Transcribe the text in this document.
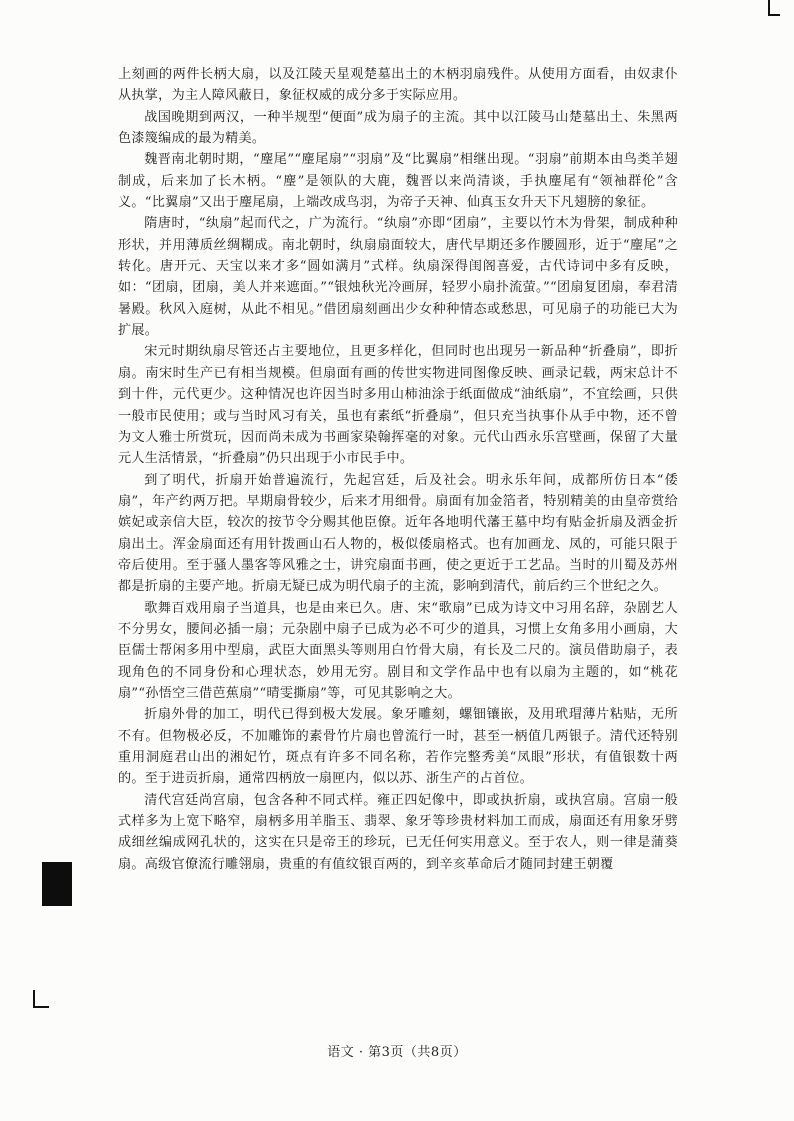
上刻画的两件长柄大扇，以及江陵天星观楚墓出土的木柄羽扇残件。从使用方面看，由奴隶仆从执掌，为主人障风蔽日，象征权威的成分多于实际应用。

战国晚期到两汉，一种半规型“便面”成为扇子的主流。其中以江陵马山楚墓出土、朱黑两色漆篾编成的最为精美。

魏晋南北朝时期，“麈尾”“麈尾扇”“羽扇”及“比翼扇”相继出现。“羽扇”前期本由鸟类羊翅制成，后来加了长木柄。“麈”是领队的大鹿，魏晋以来尚清谈，手执麈尾有“领袖群伦”含义。“比翼扇”又出于麈尾扇，上端改成鸟羽，为帝子天神、仙真玉女升天下凡翅膀的象征。

隋唐时，“纨扇”起而代之，广为流行。“纨扇”亦即“团扇”，主要以竹木为骨架，制成种种形状，并用薄质丝绸糊成。南北朝时，纨扇扇面较大，唐代早期还多作腰圆形，近于“麈尾”之转化。唐开元、天宝以来才多“圆如满月”式样。纨扇深得闺阁喜爱，古代诗词中多有反映，如：“团扇，团扇，美人并来遮面。”“银烛秋光冷画屏，轻罗小扇扑流萤。”“团扇复团扇，奉君清暑殿。秋风入庭树，从此不相见。”借团扇刻画出少女种种情态或愁思，可见扇子的功能已大为扩展。

宋元时期纨扇尽管还占主要地位，且更多样化，但同时也出现另一新品种“折叠扇”，即折扇。南宋时生产已有相当规模。但扇面有画的传世实物进同图像反映、画录记载，两宋总计不到十件，元代更少。这种情况也许因当时多用山柿油涂于纸面做成“油纸扇”，不宜绘画，只供一般市民使用；或与当时风习有关，虽也有素纸“折叠扇”，但只充当执事仆从手中物，还不曾为文人雅士所赏玩，因而尚未成为书画家染翰挥毫的对象。元代山西永乐宫壁画，保留了大量元人生活情景，“折叠扇”仍只出现于小市民手中。

到了明代，折扇开始普遍流行，先起宫廷，后及社会。明永乐年间，成都所仿日本“倭扇”，年产约两万把。早期扇骨较少，后来才用细骨。扇面有加金箔者，特别精美的由皇帝赏给嫔妃或亲信大臣，较次的按节令分赐其他臣僚。近年各地明代藩王墓中均有贴金折扇及洒金折扇出土。浑金扇面还有用针拨画山石人物的，极似倭扇格式。也有加画龙、凤的，可能只限于帝后使用。至于骚人墨客等风雅之士，讲究扇面书画，使之更近于工艺品。当时的川蜀及苏州都是折扇的主要产地。折扇无疑已成为明代扇子的主流，影响到清代，前后约三个世纪之久。

歌舞百戏用扇子当道具，也是由来已久。唐、宋“歌扇”已成为诗文中习用名辞，杂剧艺人不分男女，腰间必插一扇；元杂剧中扇子已成为必不可少的道具，习惯上女角多用小画扇，大臣儒士帮闲多用中型扇，武臣大面黑头等则用白竹骨大扇，有长及二尺的。演员借助扇子，表现角色的不同身份和心理状态，妙用无穷。剧目和文学作品中也有以扇为主题的，如“桃花扇”“孙悟空三借芭蕉扇”“晴雯撕扇”等，可见其影响之大。

折扇外骨的加工，明代已得到极大发展。象牙雕刻，螺钿镶嵌，及用玳瑁薄片粘贴，无所不有。但物极必反，不加雕饰的素骨竹片扇也曾流行一时，甚至一柄值几两银子。清代还特别重用洞庭君山出的湘妃竹，斑点有许多不同名称，若作完整秀美“凤眼”形状，有值银数十两的。至于进贡折扇，通常四柄放一扇匣内，似以苏、浙生产的占首位。

清代宫廷尚宫扇，包含各种不同式样。雍正四妃像中，即或执折扇，或执宫扇。宫扇一般式样多为上宽下略窄，扇柄多用羊脂玉、翡翠、象牙等珍贵材料加工而成，扇面还有用象牙劈成细丝编成网孔状的，这实在只是帝王的珍玩，已无任何实用意义。至于农人，则一律是蒲葵扇。高级官僚流行雕翎扇，贵重的有值纹银百两的，到辛亥革命后才随同封建王朝覆

语文 · 第3页（共8页）
